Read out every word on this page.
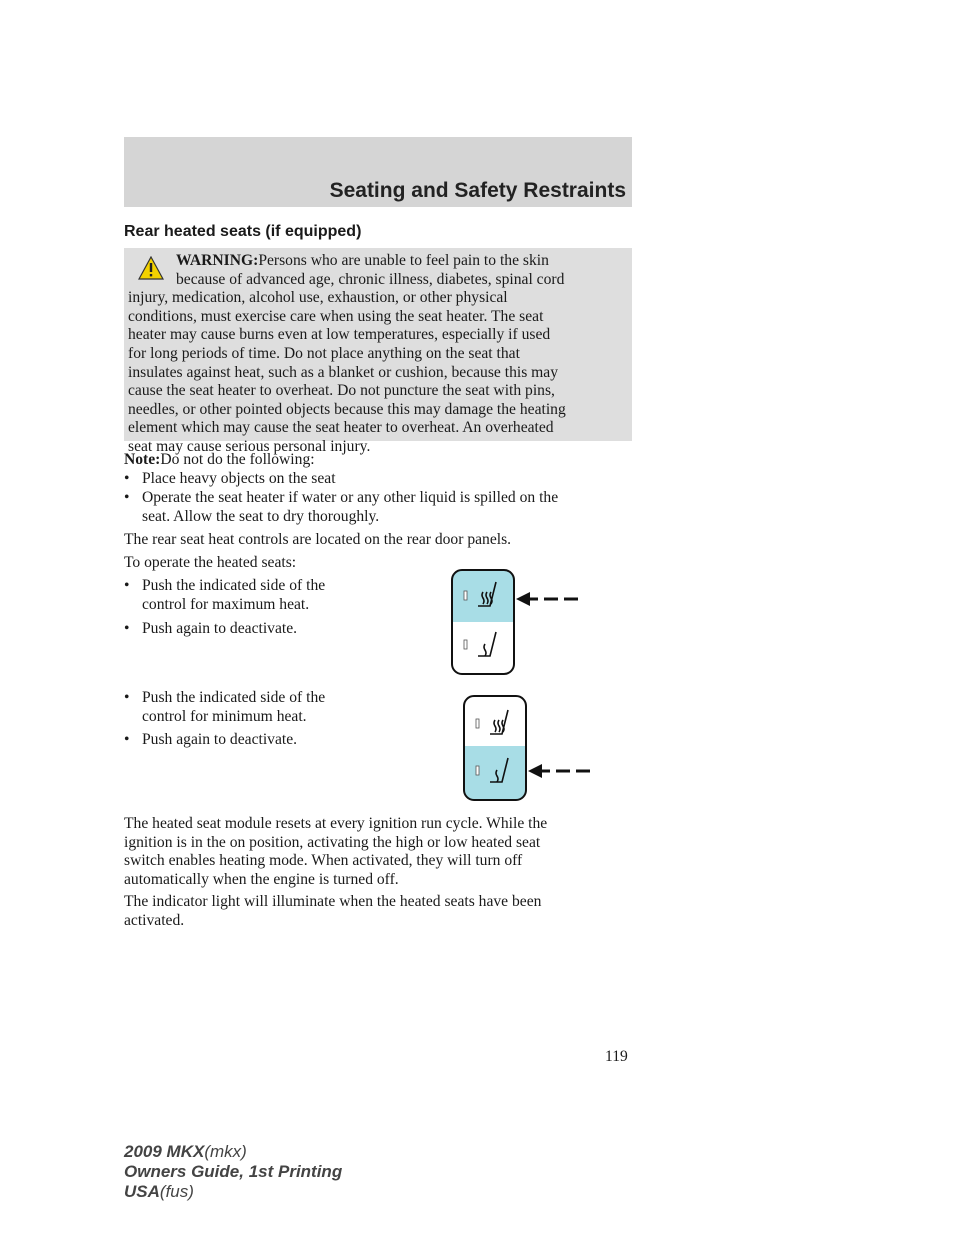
Seating and Safety Restraints
Rear heated seats (if equipped)
WARNING:Persons who are unable to feel pain to the skin
because of advanced age, chronic illness, diabetes, spinal cord
injury, medication, alcohol use, exhaustion, or other physical
conditions, must exercise care when using the seat heater. The seat
heater may cause burns even at low temperatures, especially if used
for long periods of time. Do not place anything on the seat that
insulates against heat, such as a blanket or cushion, because this may
cause the seat heater to overheat. Do not puncture the seat with pins,
needles, or other pointed objects because this may damage the heating
element which may cause the seat heater to overheat. An overheated
seat may cause serious personal injury.
Note:Do not do the following:
• Place heavy objects on the seat
• Operate the seat heater if water or any other liquid is spilled on the
seat. Allow the seat to dry thoroughly.
The rear seat heat controls are located on the rear door panels.
To operate the heated seats:
• Push the indicated side of the
control for maximum heat.
• Push again to deactivate.
• Push the indicated side of the
control for minimum heat.
• Push again to deactivate.
The heated seat module resets at every ignition run cycle. While the
ignition is in the on position, activating the high or low heated seat
switch enables heating mode. When activated, they will turn off
automatically when the engine is turned off.
The indicator light will illuminate when the heated seats have been
activated.
119
2009 MKX(mkx)
Owners Guide, 1st Printing
USA(fus)
